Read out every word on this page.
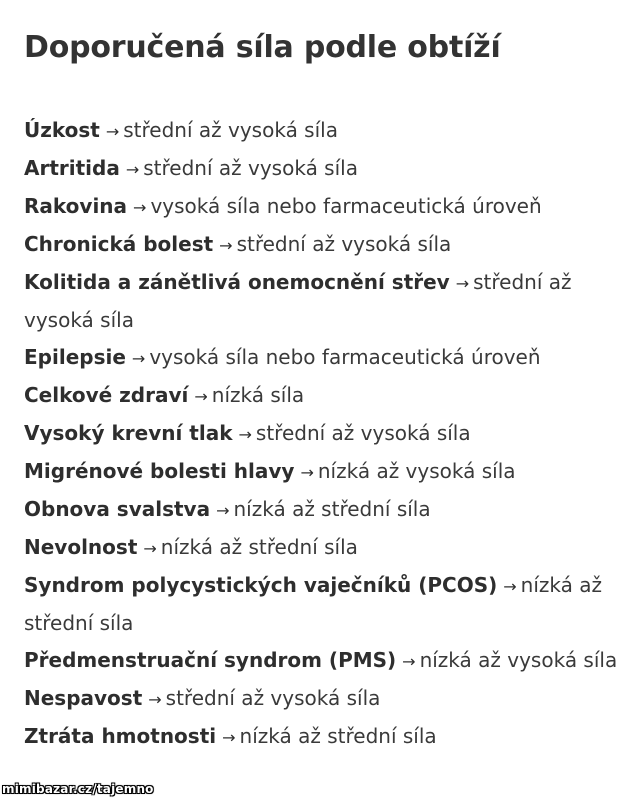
Doporučená síla podle obtíží
Úzkost → střední až vysoká síla
Artritida → střední až vysoká síla
Rakovina → vysoká síla nebo farmaceutická úroveň
Chronická bolest → střední až vysoká síla
Kolitida a zánětlivá onemocnění střev → střední až vysoká síla
Epilepsie → vysoká síla nebo farmaceutická úroveň
Celkové zdraví → nízká síla
Vysoký krevní tlak → střední až vysoká síla
Migrénové bolesti hlavy → nízká až vysoká síla
Obnova svalstva → nízká až střední síla
Nevolnost → nízká až střední síla
Syndrom polycystických vaječníků (PCOS) → nízká až střední síla
Předmenstruační syndrom (PMS) → nízká až vysoká síla
Nespavost → střední až vysoká síla
Ztráta hmotnosti → nízká až střední síla
mimibazar.cz/tajemno
